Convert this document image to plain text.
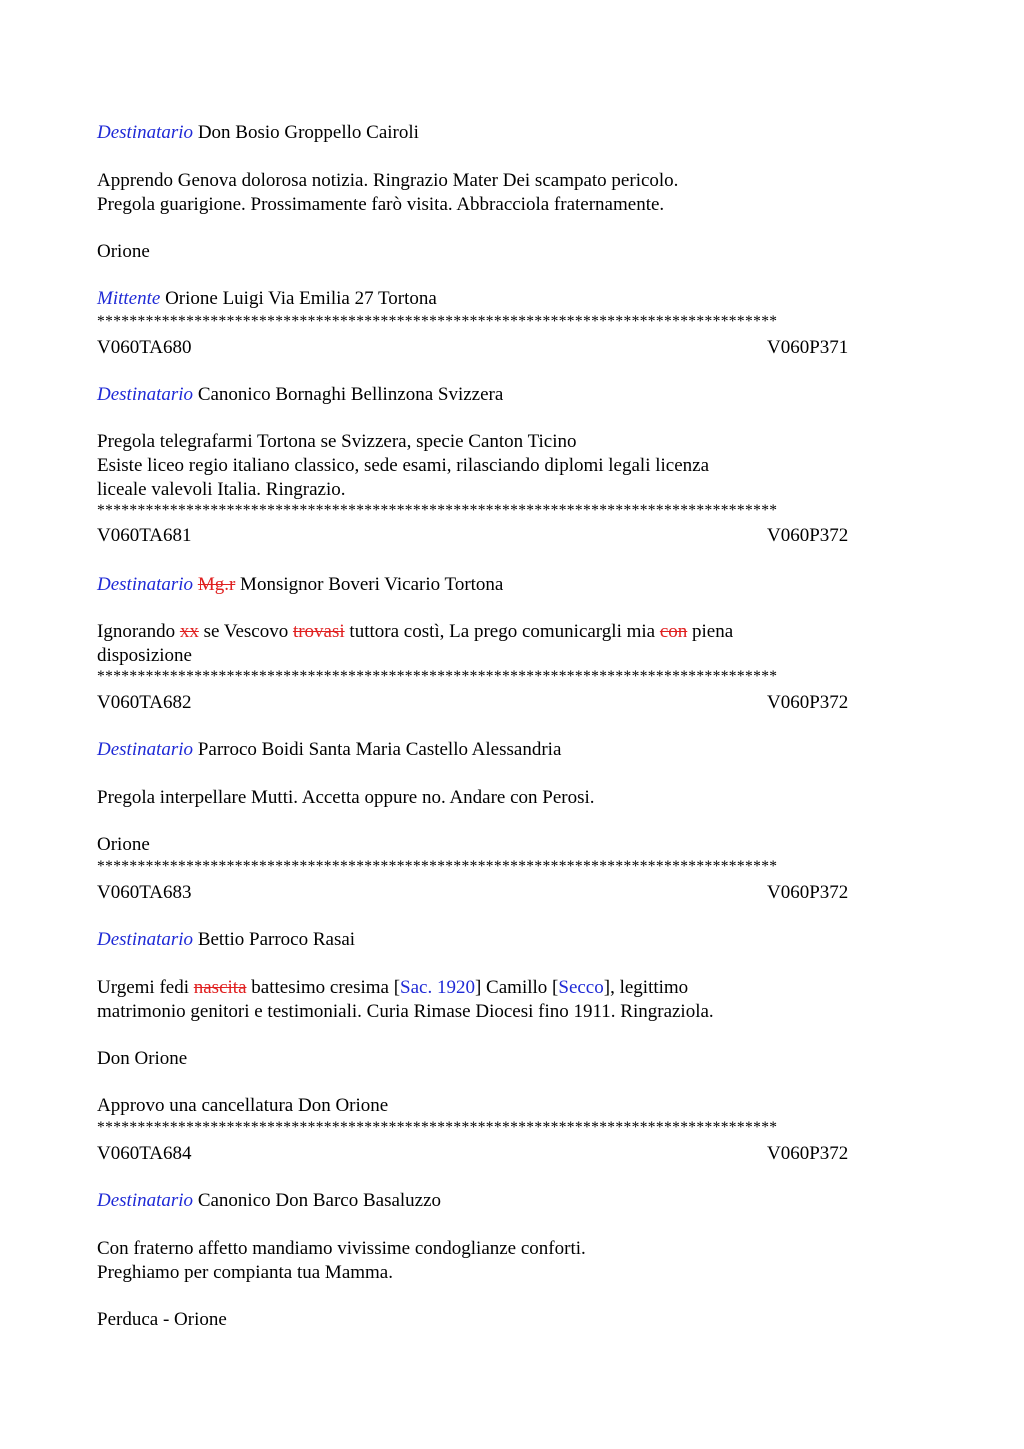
Destinatario Don Bosio Groppello Cairoli
Apprendo Genova dolorosa notizia. Ringrazio Mater Dei scampato pericolo.
Pregola guarigione. Prossimamente farò visita. Abbracciola fraternamente.
Orione
Mittente Orione Luigi Via Emilia 27 Tortona
************************************************************************************
V060TA680	V060P371
Destinatario Canonico Bornaghi Bellinzona Svizzera
Pregola telegrafarmi Tortona se Svizzera, specie Canton Ticino
Esiste liceo regio italiano classico, sede esami, rilasciando diplomi legali licenza
liceale valevoli Italia. Ringrazio.
************************************************************************************
V060TA681	V060P372
Destinatario Mg.r Monsignor Boveri Vicario Tortona
Ignorando xx se Vescovo trovasi tuttora costì, La prego comunicargli mia con piena
disposizione
************************************************************************************
V060TA682	V060P372
Destinatario Parroco Boidi Santa Maria Castello Alessandria
Pregola interpellare Mutti. Accetta oppure no. Andare con Perosi.
Orione
************************************************************************************
V060TA683	V060P372
Destinatario Bettio Parroco Rasai
Urgemi fedi nascita battesimo cresima [Sac. 1920] Camillo [Secco], legittimo
matrimonio genitori e testimoniali. Curia Rimase Diocesi fino 1911. Ringraziola.
Don Orione
Approvo una cancellatura Don Orione
************************************************************************************
V060TA684	V060P372
Destinatario Canonico Don Barco Basaluzzo
Con fraterno affetto mandiamo vivissime condoglianze conforti.
Preghiamo per compianta tua Mamma.
Perduca - Orione
